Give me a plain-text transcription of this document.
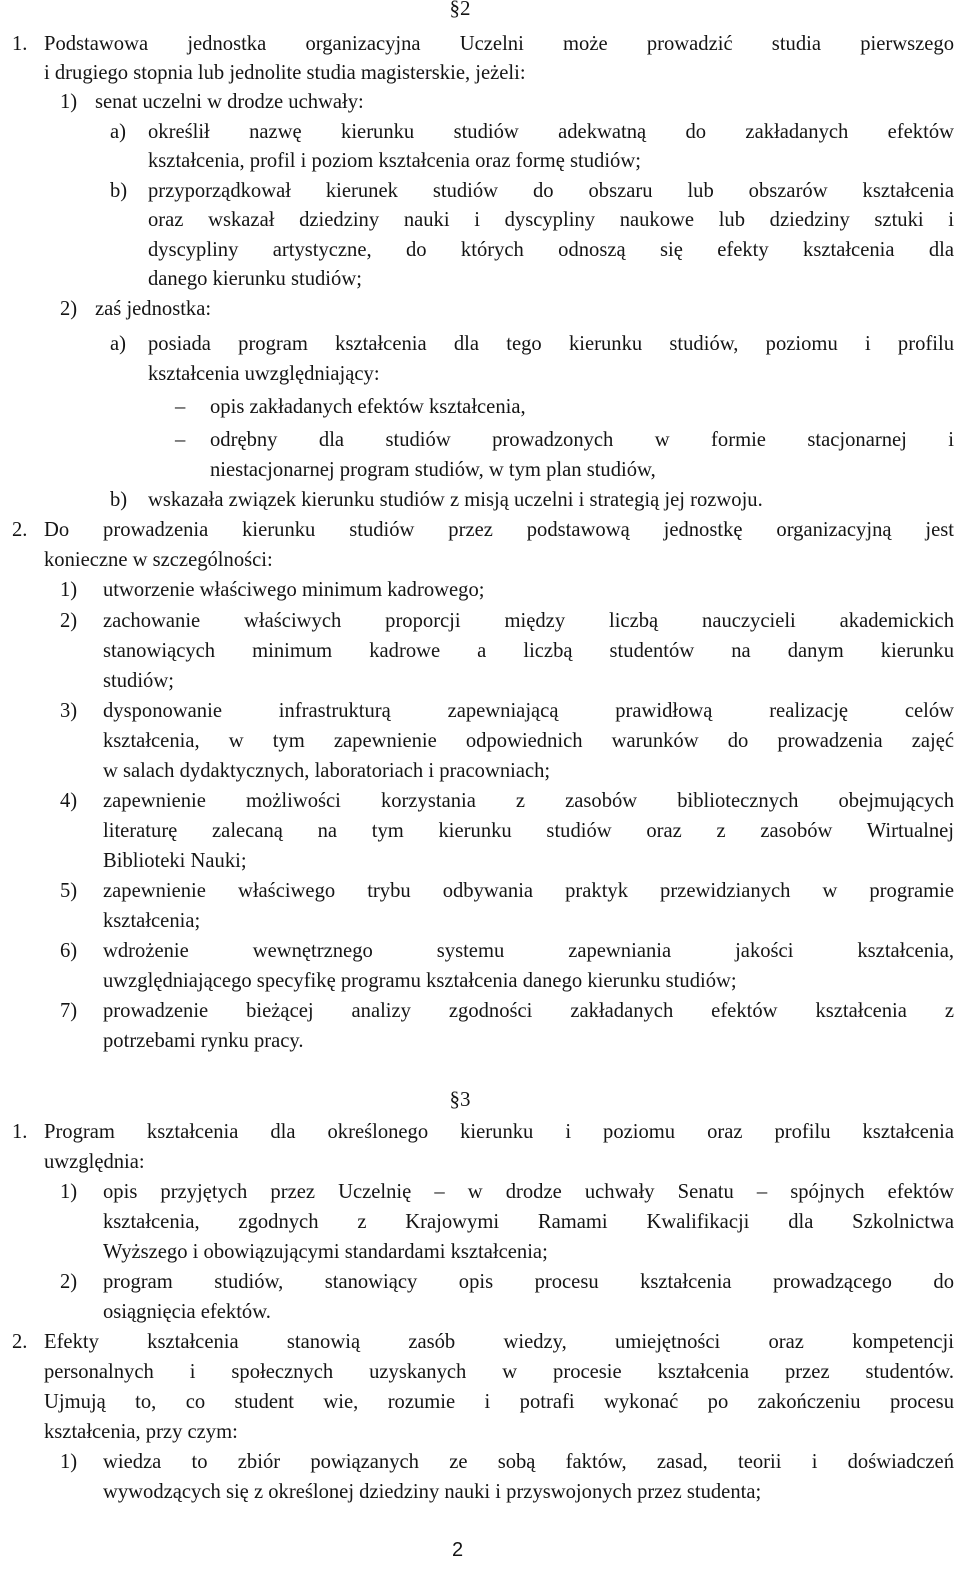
§2
1. Podstawowa jednostka organizacyjna Uczelni może prowadzić studia pierwszego
i drugiego stopnia lub jednolite studia magisterskie, jeżeli:
1) senat uczelni w drodze uchwały:
a) określił nazwę kierunku studiów adekwatną do zakładanych efektów
kształcenia, profil i poziom kształcenia oraz formę studiów;
b) przyporządkował kierunek studiów do obszaru lub obszarów kształcenia
oraz wskazał dziedziny nauki i dyscypliny naukowe lub dziedziny sztuki i
dyscypliny artystyczne, do których odnoszą się efekty kształcenia dla
danego kierunku studiów;
2) zaś jednostka:
a) posiada program kształcenia dla tego kierunku studiów, poziomu i profilu
kształcenia uwzględniający:
– opis zakładanych efektów kształcenia,
– odrębny dla studiów prowadzonych w formie stacjonarnej i
niestacjonarnej program studiów, w tym plan studiów,
b) wskazała związek kierunku studiów z misją uczelni i strategią jej rozwoju.
2. Do prowadzenia kierunku studiów przez podstawową jednostkę organizacyjną jest
konieczne w szczególności:
1) utworzenie właściwego minimum kadrowego;
2) zachowanie właściwych proporcji między liczbą nauczycieli akademickich
stanowiących minimum kadrowe a liczbą studentów na danym kierunku
studiów;
3) dysponowanie infrastrukturą zapewniającą prawidłową realizację celów
kształcenia, w tym zapewnienie odpowiednich warunków do prowadzenia zajęć
w salach dydaktycznych, laboratoriach i pracowniach;
4) zapewnienie możliwości korzystania z zasobów bibliotecznych obejmujących
literaturę zalecaną na tym kierunku studiów oraz z zasobów Wirtualnej
Biblioteki Nauki;
5) zapewnienie właściwego trybu odbywania praktyk przewidzianych w programie
kształcenia;
6) wdrożenie wewnętrznego systemu zapewniania jakości kształcenia,
uwzględniającego specyfikę programu kształcenia danego kierunku studiów;
7) prowadzenie bieżącej analizy zgodności zakładanych efektów kształcenia z
potrzebami rynku pracy.
§3
1. Program kształcenia dla określonego kierunku i poziomu oraz profilu kształcenia
uwzględnia:
1) opis przyjętych przez Uczelnię – w drodze uchwały Senatu – spójnych efektów
kształcenia, zgodnych z Krajowymi Ramami Kwalifikacji dla Szkolnictwa
Wyższego i obowiązującymi standardami kształcenia;
2) program studiów, stanowiący opis procesu kształcenia prowadzącego do
osiągnięcia efektów.
2. Efekty kształcenia stanowią zasób wiedzy, umiejętności oraz kompetencji
personalnych i społecznych uzyskanych w procesie kształcenia przez studentów.
Ujmują to, co student wie, rozumie i potrafi wykonać po zakończeniu procesu
kształcenia, przy czym:
1) wiedza to zbiór powiązanych ze sobą faktów, zasad, teorii i doświadczeń
wywodzących się z określonej dziedziny nauki i przyswojonych przez studenta;
2
